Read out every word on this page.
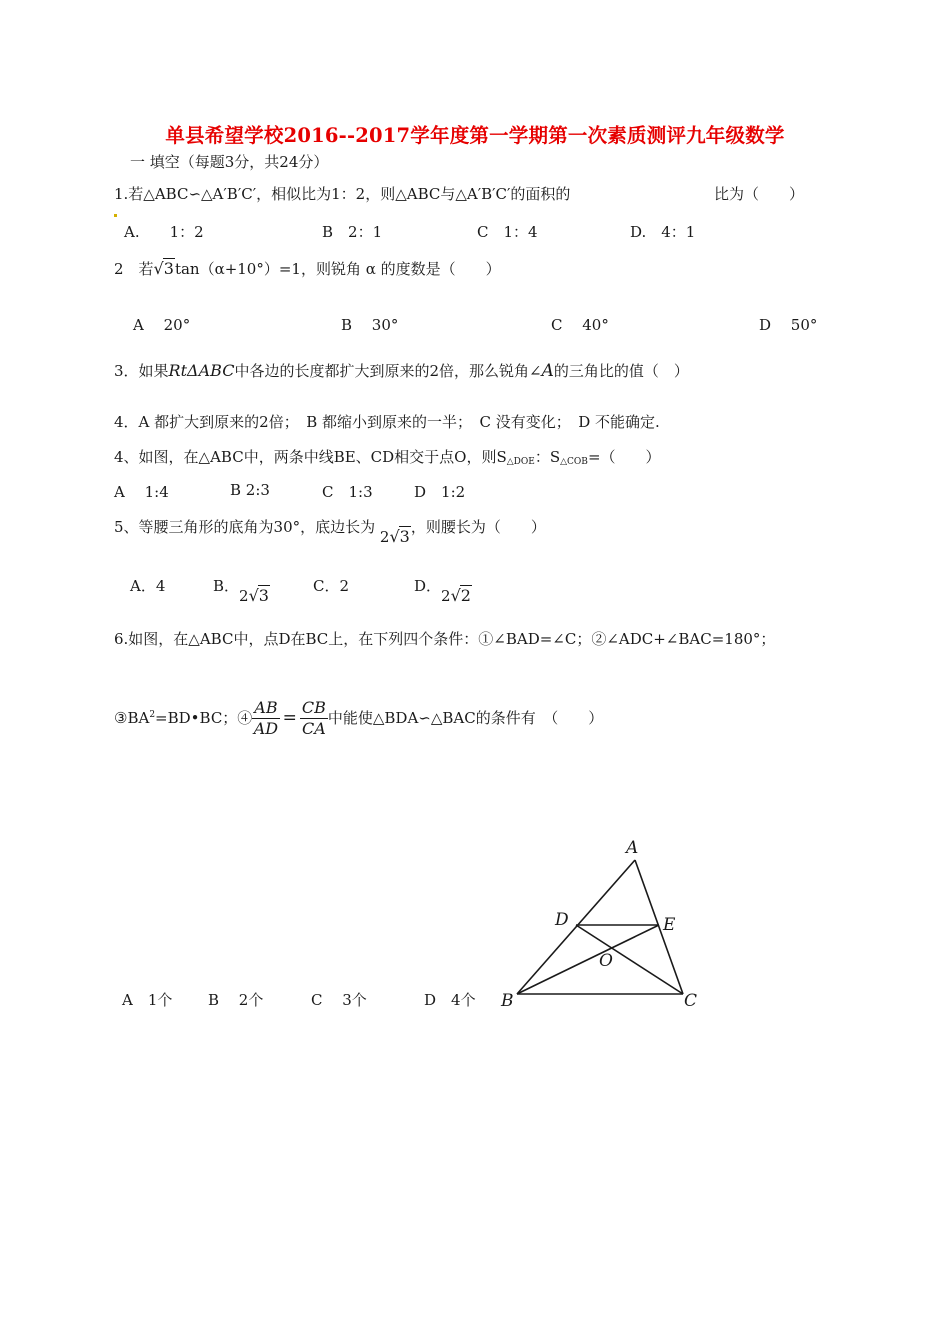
单县希望学校2016--2017学年度第一学期第一次素质测评九年级数学
一 填空（每题3分，共24分）
1.若△ABC∽△A′B′C′，相似比为1：2，则△ABC与△A′B′C′的面积的	比为（　　）
A.　　1：2	B　2：1	C　1：4	D.　4：1
2　若√3tan（α+10°）=1，则锐角 α 的度数是（　　）
A　 20°	B　 30°	C　 40°	D　 50°
3．如果RtΔABC中各边的长度都扩大到原来的2倍，那么锐角∠A的三角比的值（　）
4．A 都扩大到原来的2倍；　B 都缩小到原来的一半；　C 没有变化；　D 不能确定.
4、如图，在△ABC中，两条中线BE、CD相交于点O，则$S_{\triangle DOE}$：$S_{\triangle COB}=$（　　）
A　 1:4	B 2:3	C　1:3	D　1:2
5、等腰三角形的底角为30°，底边长为 2√3，则腰长为（　　）
A．4	B．2√3	C．2	D．2√2
6.如图，在△ABC中，点D在BC上，在下列四个条件：①∠BAD=∠C；②∠ADC+∠BAC=180°；
$③BA^2=BD•BC$；④ $\frac{AB}{AD} = \frac{CB}{CA}$ 中能使△BDA∽△BAC的条件有　（　　）
A　1个 B　 2个	C　 3个	D　4个
A
D	E
O
B	C
